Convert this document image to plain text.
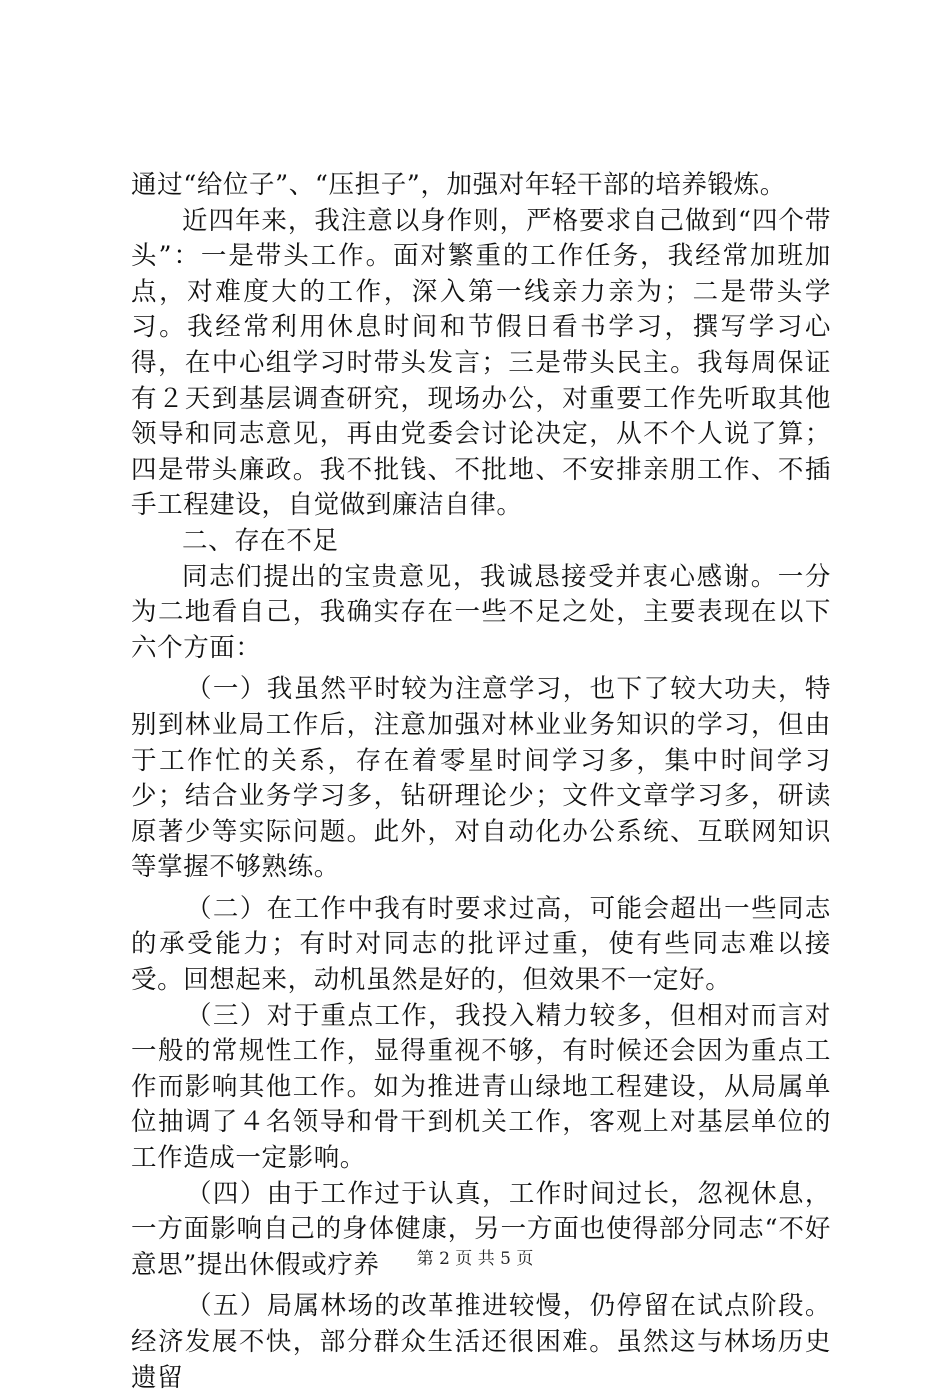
通过“给位子”、“压担子”，加强对年轻干部的培养锻炼。

近四年来，我注意以身作则，严格要求自己做到“四个带头”：一是带头工作。面对繁重的工作任务，我经常加班加点，对难度大的工作，深入第一线亲力亲为；二是带头学习。我经常利用休息时间和节假日看书学习，撰写学习心得，在中心组学习时带头发言；三是带头民主。我每周保证有２天到基层调查研究，现场办公，对重要工作先听取其他领导和同志意见，再由党委会讨论决定，从不个人说了算；四是带头廉政。我不批钱、不批地、不安排亲朋工作、不插手工程建设，自觉做到廉洁自律。

二、存在不足

同志们提出的宝贵意见，我诚恳接受并衷心感谢。一分为二地看自己，我确实存在一些不足之处，主要表现在以下六个方面：

（一）我虽然平时较为注意学习，也下了较大功夫，特别到林业局工作后，注意加强对林业业务知识的学习，但由于工作忙的关系，存在着零星时间学习多，集中时间学习少；结合业务学习多，钻研理论少；文件文章学习多，研读原著少等实际问题。此外，对自动化办公系统、互联网知识等掌握不够熟练。

（二）在工作中我有时要求过高，可能会超出一些同志的承受能力；有时对同志的批评过重，使有些同志难以接受。回想起来，动机虽然是好的，但效果不一定好。

（三）对于重点工作，我投入精力较多，但相对而言对一般的常规性工作，显得重视不够，有时候还会因为重点工作而影响其他工作。如为推进青山绿地工程建设，从局属单位抽调了４名领导和骨干到机关工作，客观上对基层单位的工作造成一定影响。

（四）由于工作过于认真，工作时间过长，忽视休息，一方面影响自己的身体健康，另一方面也使得部分同志“不好意思”提出休假或疗养

（五）局属林场的改革推进较慢，仍停留在试点阶段。经济发展不快，部分群众生活还很困难。虽然这与林场历史遗留

第 2 页 共 5 页
